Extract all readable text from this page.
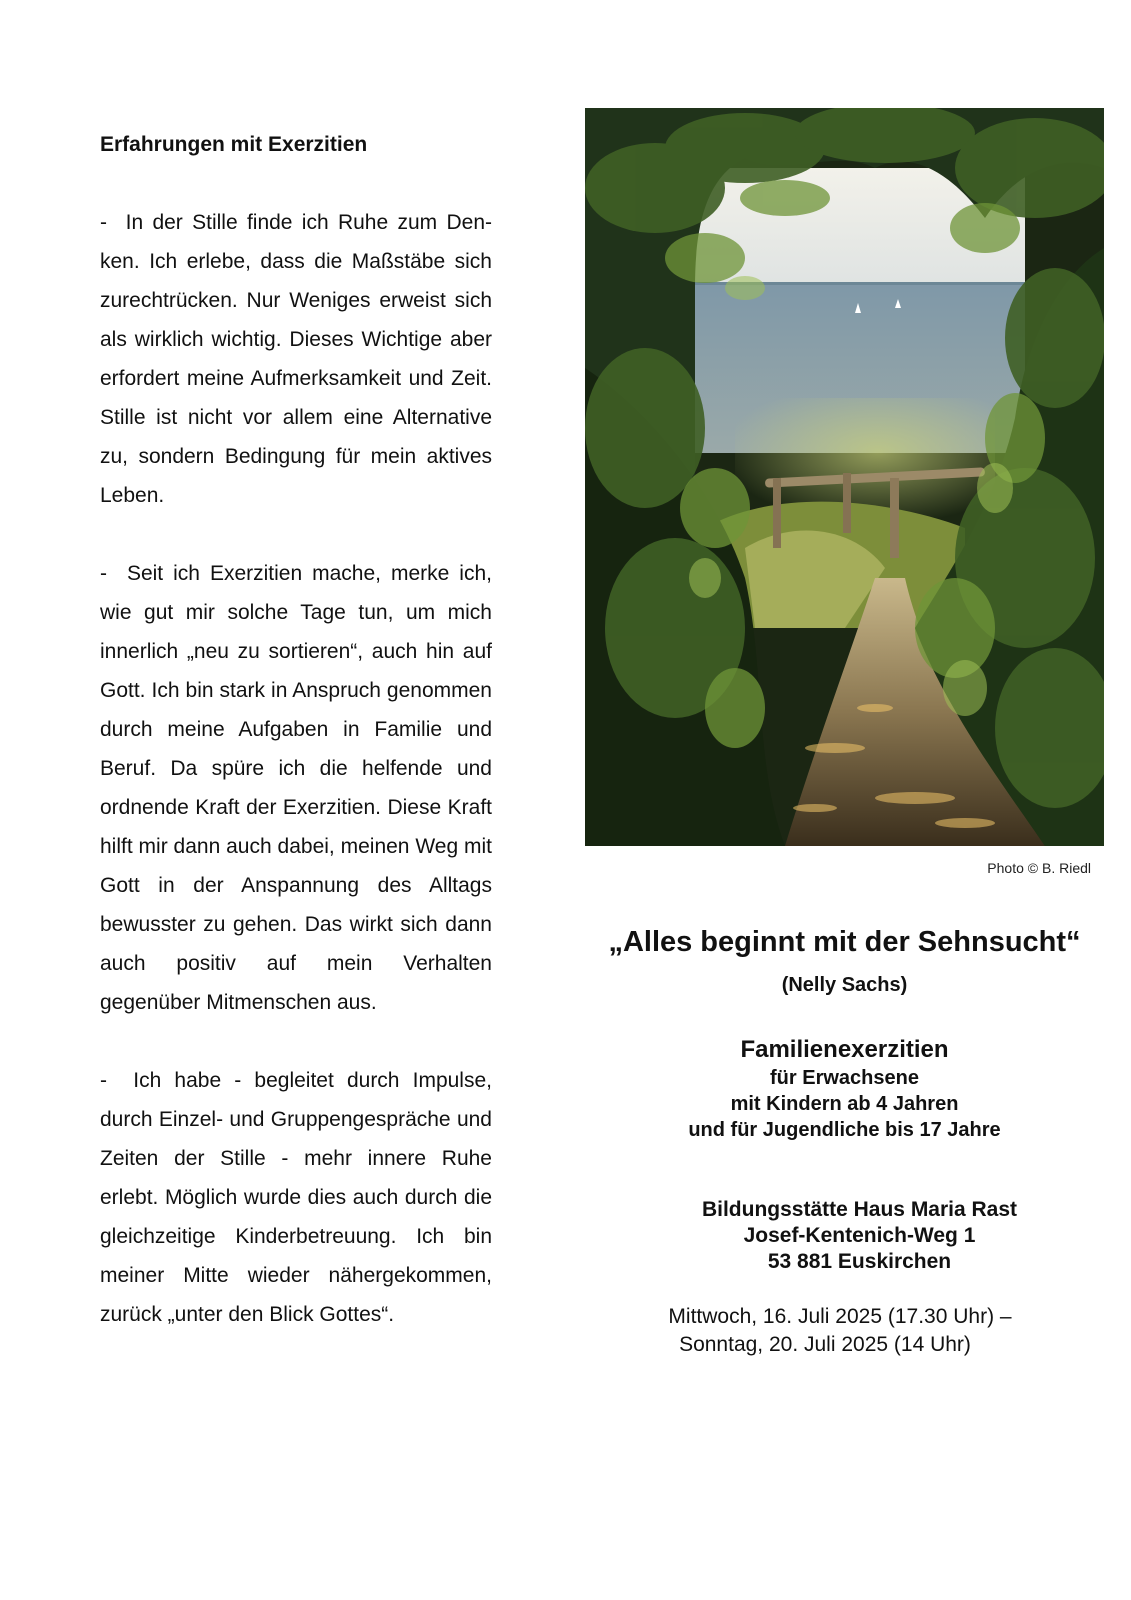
Erfahrungen mit Exerzitien

-  In der Stille finde ich Ruhe zum Denken. Ich erlebe, dass die Maßstäbe sich zurechtrücken. Nur Weniges erweist sich als wirklich wichtig. Dieses Wichtige aber erfordert meine Aufmerksamkeit und Zeit. Stille ist nicht vor allem eine Alternative zu, sondern Bedingung für mein aktives Leben.

-  Seit ich Exerzitien mache, merke ich, wie gut mir solche Tage tun, um mich innerlich „neu zu sortieren“, auch hin auf Gott. Ich bin stark in Anspruch genommen durch meine Aufgaben in Familie und Beruf. Da spüre ich die helfende und ordnende Kraft der Exerzitien. Diese Kraft hilft mir dann auch dabei, meinen Weg mit Gott in der Anspannung des Alltags bewusster zu gehen. Das wirkt sich dann auch positiv auf mein Verhalten gegenüber Mitmenschen aus.

-  Ich habe - begleitet durch Impulse, durch Einzel- und Gruppengespräche und Zeiten der Stille - mehr innere Ruhe erlebt. Möglich wurde dies auch durch die gleichzeitige Kinderbetreuung. Ich bin meiner Mitte wieder nähergekommen, zurück „unter den Blick Gottes“.

Photo © B. Riedl
„Alles beginnt mit der Sehnsucht“
(Nelly Sachs)
Familienexerzitien
für Erwachsene
mit Kindern ab 4 Jahren
und für Jugendliche bis 17 Jahre
Bildungsstätte Haus Maria Rast
Josef-Kentenich-Weg 1
53 881 Euskirchen
Mittwoch, 16. Juli 2025 (17.30 Uhr) –
Sonntag, 20. Juli 2025 (14 Uhr)
